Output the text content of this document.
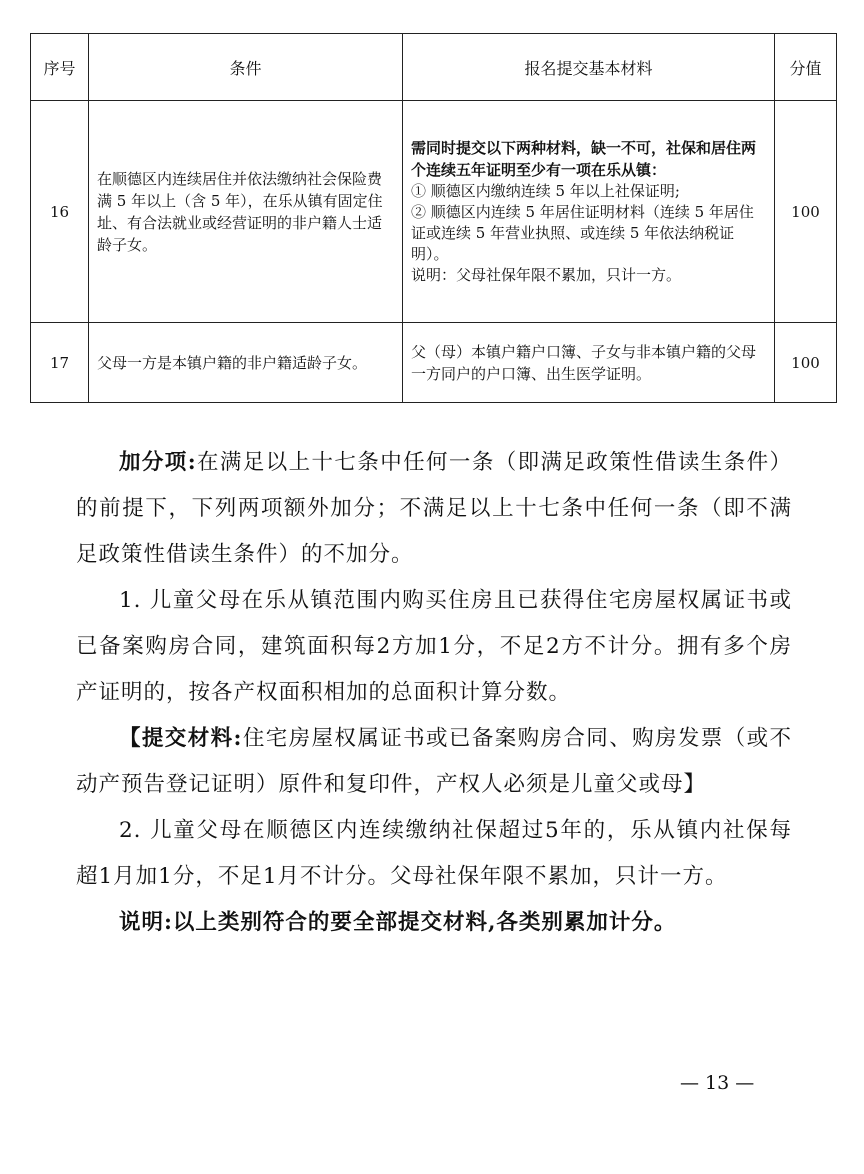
序号	条件	报名提交基本材料	分值
16	在顺德区内连续居住并依法缴纳社会保险费满 5 年以上（含 5 年），在乐从镇有固定住址、有合法就业或经营证明的非户籍人士适龄子女。	需同时提交以下两种材料，缺一不可，社保和居住两个连续五年证明至少有一项在乐从镇：
① 顺德区内缴纳连续 5 年以上社保证明;
② 顺德区内连续 5 年居住证明材料（连续 5 年居住证或连续 5 年营业执照、或连续 5 年依法纳税证明）。
说明：父母社保年限不累加，只计一方。	100
17	父母一方是本镇户籍的非户籍适龄子女。	父（母）本镇户籍户口簿、子女与非本镇户籍的父母一方同户的户口簿、出生医学证明。	100

加分项:在满足以上十七条中任何一条（即满足政策性借读生条件）的前提下，下列两项额外加分；不满足以上十七条中任何一条（即不满足政策性借读生条件）的不加分。

1. 儿童父母在乐从镇范围内购买住房且已获得住宅房屋权属证书或已备案购房合同，建筑面积每2方加1分，不足2方不计分。拥有多个房产证明的，按各产权面积相加的总面积计算分数。

【提交材料:住宅房屋权属证书或已备案购房合同、购房发票（或不动产预告登记证明）原件和复印件，产权人必须是儿童父或母】

2. 儿童父母在顺德区内连续缴纳社保超过5年的，乐从镇内社保每超1月加1分，不足1月不计分。父母社保年限不累加，只计一方。

说明:以上类别符合的要全部提交材料,各类别累加计分。

— 13 —
